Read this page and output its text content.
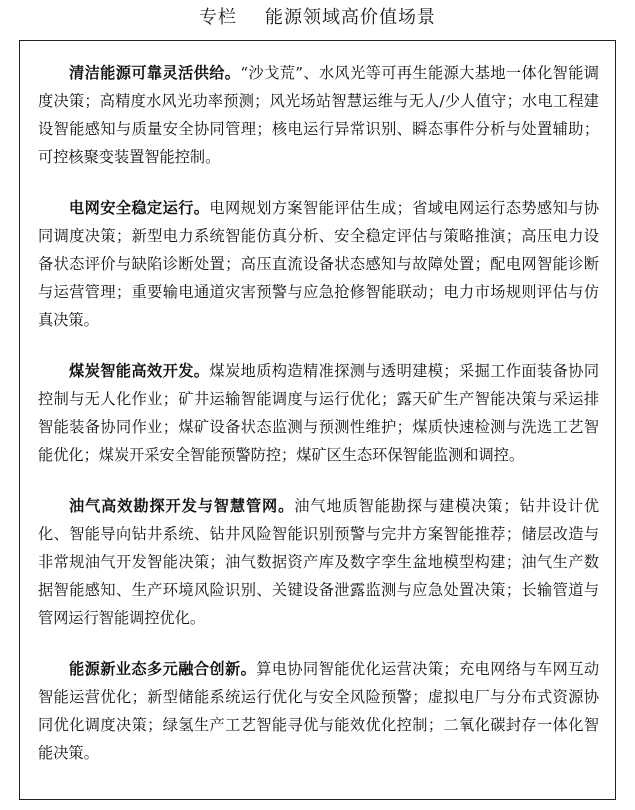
专栏 能源领域高价值场景

清洁能源可靠灵活供给。“沙戈荒”、水风光等可再生能源大基地一体化智能调度决策；高精度水风光功率预测；风光场站智慧运维与无人/少人值守；水电工程建设智能感知与质量安全协同管理；核电运行异常识别、瞬态事件分析与处置辅助；可控核聚变装置智能控制。

电网安全稳定运行。电网规划方案智能评估生成；省域电网运行态势感知与协同调度决策；新型电力系统智能仿真分析、安全稳定评估与策略推演；高压电力设备状态评价与缺陷诊断处置；高压直流设备状态感知与故障处置；配电网智能诊断与运营管理；重要输电通道灾害预警与应急抢修智能联动；电力市场规则评估与仿真决策。

煤炭智能高效开发。煤炭地质构造精准探测与透明建模；采掘工作面装备协同控制与无人化作业；矿井运输智能调度与运行优化；露天矿生产智能决策与采运排智能装备协同作业；煤矿设备状态监测与预测性维护；煤质快速检测与洗选工艺智能优化；煤炭开采安全智能预警防控；煤矿区生态环保智能监测和调控。

油气高效勘探开发与智慧管网。油气地质智能勘探与建模决策；钻井设计优化、智能导向钻井系统、钻井风险智能识别预警与完井方案智能推荐；储层改造与非常规油气开发智能决策；油气数据资产库及数字孪生盆地模型构建；油气生产数据智能感知、生产环境风险识别、关键设备泄露监测与应急处置决策；长输管道与管网运行智能调控优化。

能源新业态多元融合创新。算电协同智能优化运营决策；充电网络与车网互动智能运营优化；新型储能系统运行优化与安全风险预警；虚拟电厂与分布式资源协同优化调度决策；绿氢生产工艺智能寻优与能效优化控制；二氧化碳封存一体化智能决策。
